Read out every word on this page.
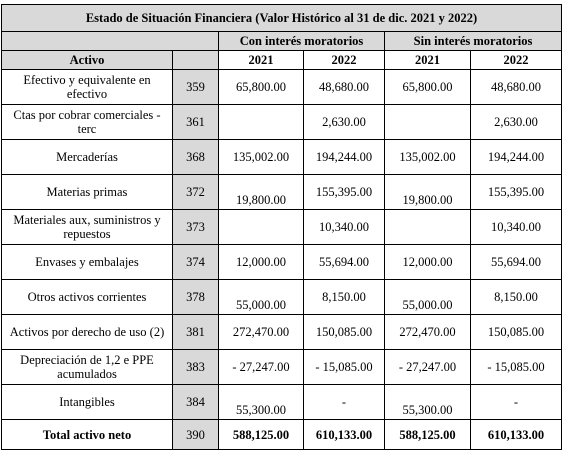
Estado de Situación Financiera (Valor Histórico al 31 de dic. 2021 y 2022)					
		Con interés moratorios		Sin interés moratorios	
Activo		2021	2022	2021	2022
Efectivo y equivalente en efectivo	359	65,800.00	48,680.00	65,800.00	48,680.00
Ctas por cobrar comerciales - terc	361		2,630.00		2,630.00
Mercaderías	368	135,002.00	194,244.00	135,002.00	194,244.00
Materias primas	372	19,800.00	155,395.00	19,800.00	155,395.00
Materiales aux, suministros y repuestos	373		10,340.00		10,340.00
Envases y embalajes	374	12,000.00	55,694.00	12,000.00	55,694.00
Otros activos corrientes	378	55,000.00	8,150.00	55,000.00	8,150.00
Activos por derecho de uso (2)	381	272,470.00	150,085.00	272,470.00	150,085.00
Depreciación de 1,2 e PPE acumulados	383	- 27,247.00	- 15,085.00	- 27,247.00	- 15,085.00
Intangibles	384	55,300.00	-	55,300.00	-
Total activo neto	390	588,125.00	610,133.00	588,125.00	610,133.00
